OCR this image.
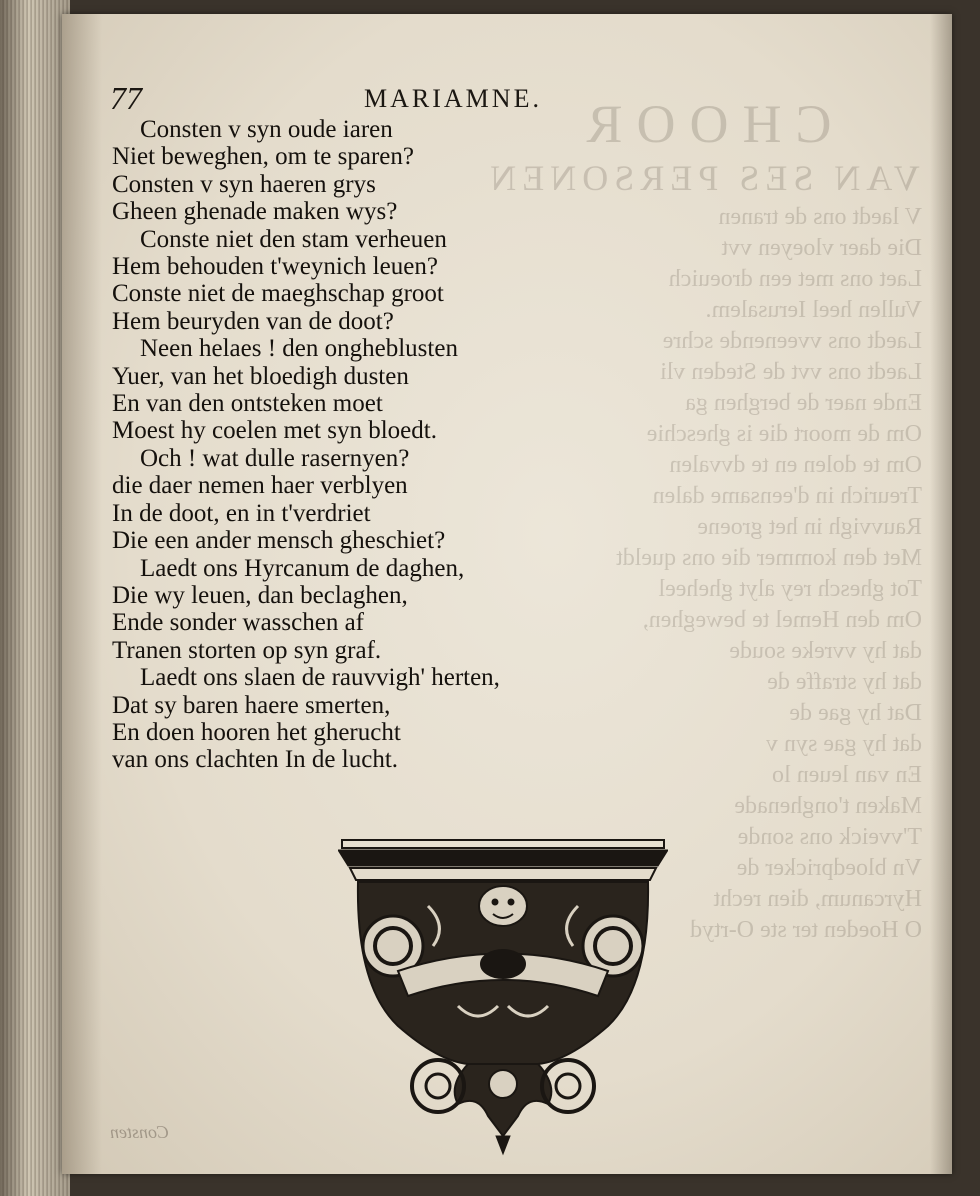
CHOOR
VAN SES PERSONEN
V laedt ons de tranen
Die daer vloeyen vvt
Laet ons met een droeuich
Vullen heel Ierusalem.
Laedt ons vveenende schre
Laedt ons vvt de Steden vli
Ende naer de berghen ga
Om de moort die is gheschie
Om te dolen en te dvvalen
Treurich in d'eensame dalen
Rauvvigh in het groene
Met den kommer die ons queldt
Tot ghesch rey alyt gheheel
Om den Hemel te beweghen,
dat hy vvreke soude
dat hy straffe de
Dat hy gae de
dat hy gae syn v
En van leuen lo
Maken t'onghenade
T'vveick ons sonde
Vn bloedpricker de
Hyrcanum, dien recht
O Hoeden ter ste O-rtyd
77	MARIAMNE.
Consten v syn oude iaren
Niet beweghen, om te sparen?
Consten v syn haeren grys
Gheen ghenade maken wys?
Conste niet den stam verheuen
Hem behouden t'weynich leuen?
Conste niet de maeghschap groot
Hem beuryden van de doot?
Neen helaes ! den ongheblusten
Yuer, van het bloedigh dusten
En van den ontsteken moet
Moest hy coelen met syn bloedt.
Och ! wat dulle rasernyen?
die daer nemen haer verblyen
In de doot, en in t'verdriet
Die een ander mensch gheschiet?
Laedt ons Hyrcanum de daghen,
Die wy leuen, dan beclaghen,
Ende sonder wasschen af
Tranen storten op syn graf.
Laedt ons slaen de rauvvigh' herten,
Dat sy baren haere smerten,
En doen hooren het gherucht
van ons clachten In de lucht.
Consten
